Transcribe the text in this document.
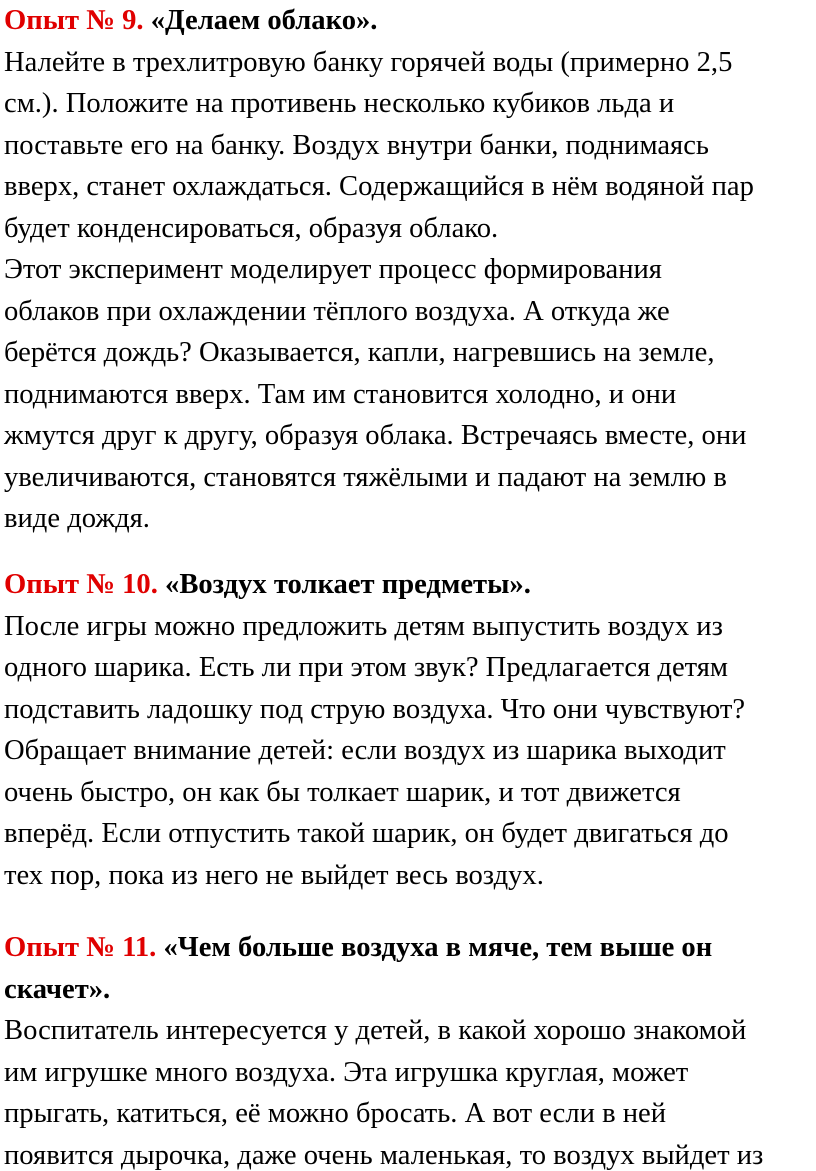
Опыт № 9. «Делаем облако».

Налейте в трехлитровую банку горячей воды (примерно 2,5

см.). Положите на противень несколько кубиков льда и

поставьте его на банку. Воздух внутри банки, поднимаясь

вверх, станет охлаждаться. Содержащийся в нём водяной пар

будет конденсироваться, образуя облако.

Этот эксперимент моделирует процесс формирования

облаков при охлаждении тёплого воздуха. А откуда же

берётся дождь? Оказывается, капли, нагревшись на земле,

поднимаются вверх. Там им становится холодно, и они

жмутся друг к другу, образуя облака. Встречаясь вместе, они

увеличиваются, становятся тяжёлыми и падают на землю в

виде дождя.

Опыт № 10. «Воздух толкает предметы».

После игры можно предложить детям выпустить воздух из

одного шарика. Есть ли при этом звук? Предлагается детям

подставить ладошку под струю воздуха. Что они чувствуют?

Обращает внимание детей: если воздух из шарика выходит

очень быстро, он как бы толкает шарик, и тот движется

вперёд. Если отпустить такой шарик, он будет двигаться до

тех пор, пока из него не выйдет весь воздух.

Опыт № 11. «Чем больше воздуха в мяче, тем выше он

скачет».

Воспитатель интересуется у детей, в какой хорошо знакомой

им игрушке много воздуха. Эта игрушка круглая, может

прыгать, катиться, её можно бросать. А вот если в ней

появится дырочка, даже очень маленькая, то воздух выйдет из
